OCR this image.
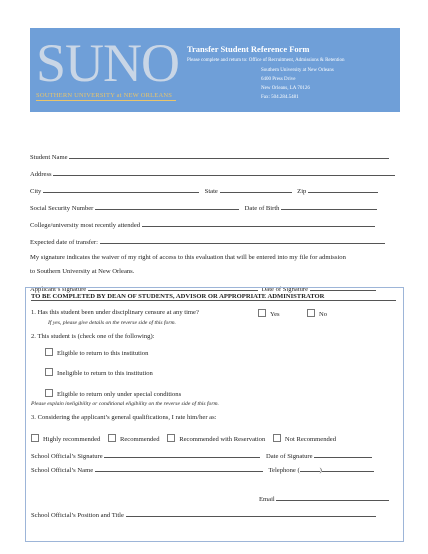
SUNO
SOUTHERN UNIVERSITY at NEW ORLEANS
Transfer Student Reference Form
Please complete and return to: Office of Recruitment, Admissions & Retention
Southern University at New Orleans
6400 Press Drive
New Orleans, LA 70126
Fax: 504.284.5481
Student Name
Address
City	State	Zip
Social Security Number	Date of Birth
College/university most recently attended
Expected date of transfer:
My signature indicates the waiver of my right of access to this evaluation that will be entered into my file for admission
to Southern University at New Orleans.
Applicant’s signature	Date of Signature
TO BE COMPLETED BY DEAN OF STUDENTS, ADVISOR OR APPROPRIATE ADMINISTRATOR
1. Has this student been under disciplinary censure at any time?	Yes	No
If yes, please give details on the reverse side of this form.
2. This student is (check one of the following):
Eligible to return to this institution
Ineligible to return to this institution
Eligible to return only under special conditions
Please explain ineligibility or conditional eligibility on the reverse side of this form.
3. Considering the applicant’s general qualifications, I rate him/her as:
Highly recommended	Recommended	Recommended with Reservation	Not Recommended
School Official’s Signature	Date of Signature
School Official’s Name	Telephone (	)
Email
School Official’s Position and Title
